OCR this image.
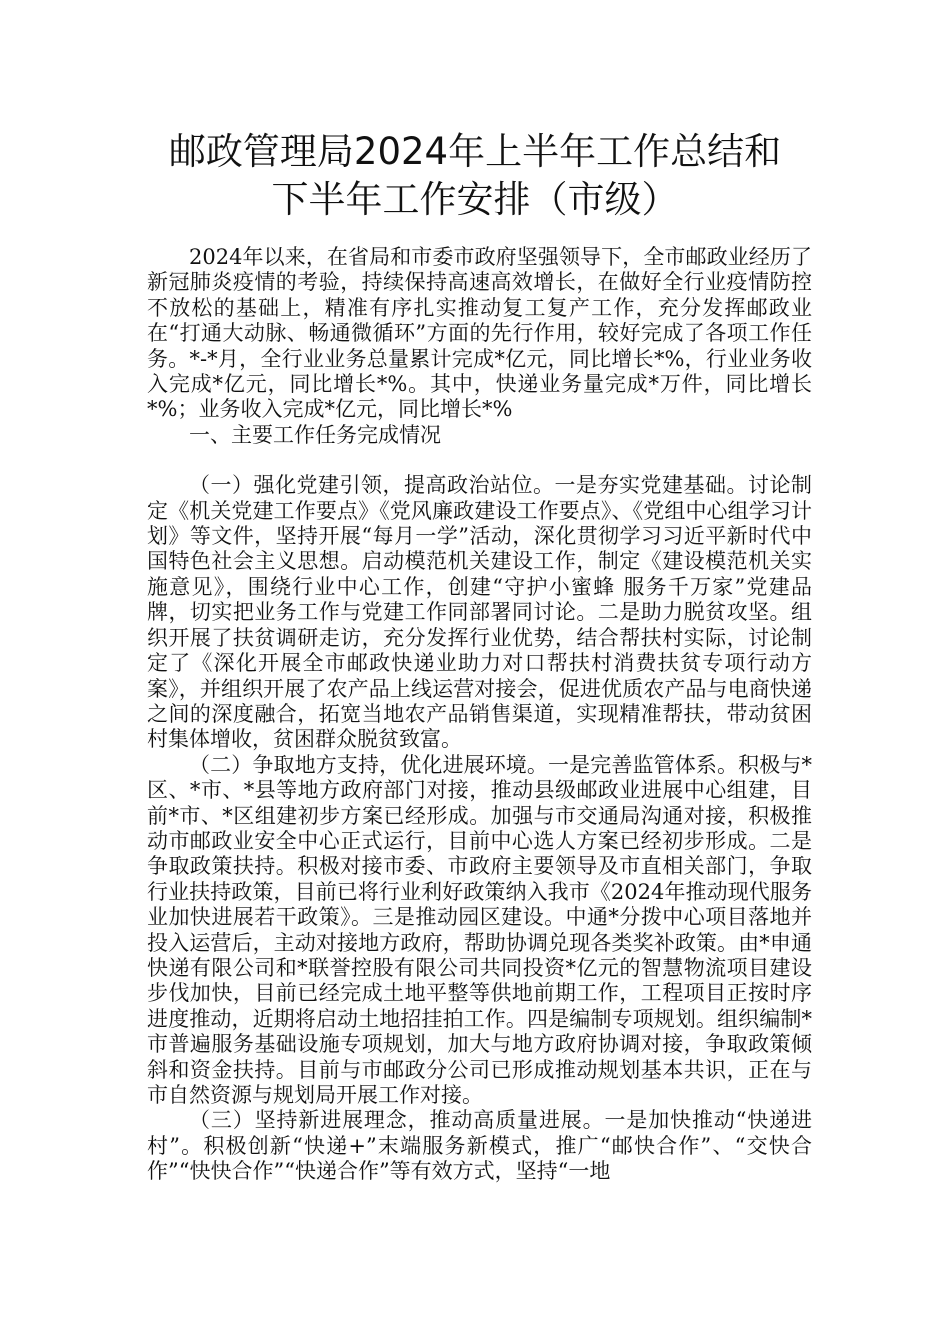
邮政管理局2024年上半年工作总结和
下半年工作安排（市级）

2024年以来，在省局和市委市政府坚强领导下，全市邮政业经历了新冠肺炎疫情的考验，持续保持高速高效增长，在做好全行业疫情防控不放松的基础上，精准有序扎实推动复工复产工作，充分发挥邮政业在“打通大动脉、畅通微循环”方面的先行作用，较好完成了各项工作任务。*-*月，全行业业务总量累计完成*亿元，同比增长*%，行业业务收入完成*亿元，同比增长*%。其中，快递业务量完成*万件，同比增长*%；业务收入完成*亿元，同比增长*%

一、主要工作任务完成情况

（一）强化党建引领，提高政治站位。一是夯实党建基础。讨论制定《机关党建工作要点》《党风廉政建设工作要点》、《党组中心组学习计划》等文件，坚持开展“每月一学”活动，深化贯彻学习习近平新时代中国特色社会主义思想。启动模范机关建设工作，制定《建设模范机关实施意见》，围绕行业中心工作，创建“守护小蜜蜂 服务千万家”党建品牌，切实把业务工作与党建工作同部署同讨论。二是助力脱贫攻坚。组织开展了扶贫调研走访，充分发挥行业优势，结合帮扶村实际，讨论制定了《深化开展全市邮政快递业助力对口帮扶村消费扶贫专项行动方案》，并组织开展了农产品上线运营对接会，促进优质农产品与电商快递之间的深度融合，拓宽当地农产品销售渠道，实现精准帮扶，带动贫困村集体增收，贫困群众脱贫致富。

（二）争取地方支持，优化进展环境。一是完善监管体系。积极与*区、*市、*县等地方政府部门对接，推动县级邮政业进展中心组建，目前*市、*区组建初步方案已经形成。加强与市交通局沟通对接，积极推动市邮政业安全中心正式运行，目前中心选人方案已经初步形成。二是争取政策扶持。积极对接市委、市政府主要领导及市直相关部门，争取行业扶持政策，目前已将行业利好政策纳入我市《2024年推动现代服务业加快进展若干政策》。三是推动园区建设。中通*分拨中心项目落地并投入运营后，主动对接地方政府，帮助协调兑现各类奖补政策。由*申通快递有限公司和*联誉控股有限公司共同投资*亿元的智慧物流项目建设步伐加快，目前已经完成土地平整等供地前期工作，工程项目正按时序进度推动，近期将启动土地招挂拍工作。四是编制专项规划。组织编制*市普遍服务基础设施专项规划，加大与地方政府协调对接，争取政策倾斜和资金扶持。目前与市邮政分公司已形成推动规划基本共识，正在与市自然资源与规划局开展工作对接。

（三）坚持新进展理念，推动高质量进展。一是加快推动“快递进村”。积极创新“快递+”末端服务新模式，推广“邮快合作”、“交快合作”“快快合作”“快递合作”等有效方式，坚持“一地
